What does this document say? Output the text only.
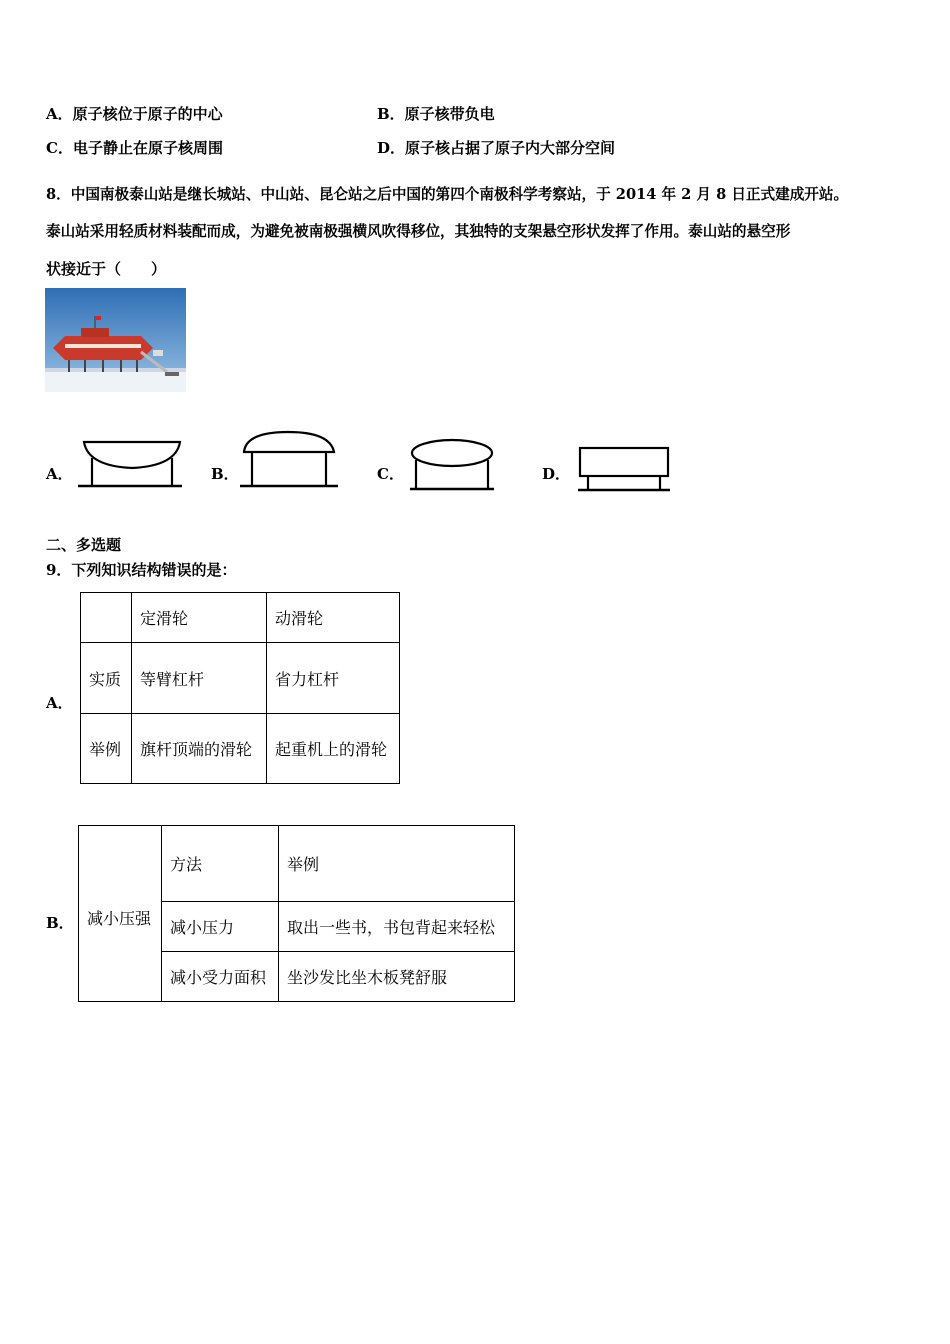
A．原子核位于原子的中心	B．原子核带负电
C．电子静止在原子核周围	D．原子核占据了原子内大部分空间
8．中国南极泰山站是继长城站、中山站、昆仑站之后中国的第四个南极科学考察站，于 2014 年 2 月 8 日正式建成开站。
泰山站采用轻质材料装配而成，为避免被南极强横风吹得移位，其独特的支架悬空形状发挥了作用。泰山站的悬空形
状接近于（　　）
A．	B．	C．	D．
二、多选题
9．下列知识结构错误的是：
A．
	定滑轮	动滑轮
实质	等臂杠杆	省力杠杆
举例	旗杆顶端的滑轮	起重机上的滑轮
B． 减小压强	方法	举例
	减小压力	取出一些书，书包背起来轻松
	减小受力面积	坐沙发比坐木板凳舒服
